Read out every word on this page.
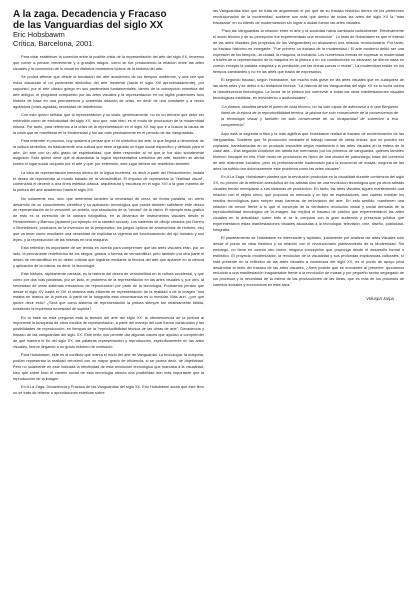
A la zaga. Decadencia y Fracaso
de las Vanguardias del siglo XX
Eric Hobsbawm
Crítica. Barcelona, 2001.

Para cidar establecer la conexión entre la posible crisis de la representación del arte del siglo XX, tenemos que volver a pensar, brevemente y a grandes rasgos, cómo se fue produciendo la relación entre las artes visuales y la concreción de lo visual en distintos momentos típicos de la historia del arte.

Se podría afirmar que desde la fundación del arte académico de los tiempos modernos, y una vez que éstos clausuran el rol puramente simbólico del arte medieval (hacia el siglo XIII aproximadamente), por supuesto, por el arte clásico griego en sus parámetros fundamentales, dentro de la concepción mimética del arte antiguo, el programa compuesto por las artes visuales y la representación en los siglos posteriores tuvo historia de base en una permanencia y sostenida relación de crisis, en decir de una constante y a veces agotadora (crisis agotada) necesidad de redefinición.

Con esto quiero señalar que la representación y su crisis, genéricamente, no es un término que debe ser entendido como de exclusividad del siglo XX, sino que, más bien, es el modo de producción de la modernidad misma. Por tanto, para referirnos a la crisis de la representación en el siglo XX hay que ir a buscar la causa de la crisis que se manifiesta en la Modernidad y fue así más precisamente en el período de las Vanguardias.

Para entender el proceso, hoy quisiera a pensar que el rol simbólico del arte, lo que llegará a denominar de la cultura simbólica, es básicamente una cultura que tiene originado un lugar social específico y definido para el arte. Un arte con un alto grado de espiritualidad, que debe responder al rol que le fue sido socialmente asignado. Esto quiere decir que al abandonar la lógica representativa simbólica del arte, también se abrirá contra el lugar social ocupado por el arte y que, por extensión, este lugar deberá ser redefinido también.

La idea de representación inmersa dentro de la lógica moderna, es decir a partir del Renacimiento, instala el deseo de representar al mundo basado en la verosimilitud. El impulso de representar la "realidad visual", comenzará el devenir a una línea estética clásica, arquitectura y escultura en el siglo XVI a la gran manera de la pintura del arte académico hasta el siglo XIX.

No solamente eso, sino que determina también la necesidad de crear, de forma paralela, un cierto desarrollo de un conocimiento científico y su aplicación tecnológica que pueda también satisfacer este deseo de representación de lo verosímil: un anhelo, una simulación de la "verdad" de la visión. El ejemplo más gráfico de esto es la invención de la cámara fotográfica, en la dinámica de instrumentos visuales desde el Renacimiento y Barroco (aparece por ejemplo en la cámara oscura). Los sistemas de dibujo creados por Durero o Brunelleschi, productos de la invención de la perspectiva, los juegos ópticos de anamorfosis de Holbein, etc) que va tener como resultante una necesidad de explicitar la vigencia del funcionamiento del ojo humano y sus leyes, y la reproducción de las mismas en una máquina.

Esta reflexión es importante de ser tenida en cuenta para comprender que las artes visuales eran, por un lado, la permanente redefinición de los rangos, grados o formas de verosimilitud, pero también por otra parte el deseo de verosimilitud en un deber cultural que lograrse mediante la técnica del arte que aparece en la ciencia y aplicación de la misma, es decir, la tecnología.

Esta historia, rápidamente narrada, es la historia del deseo de verosimilitud en la cultura occidental, y que como por dos vías paralelas, por un lado, el problema de la representación en las artes visuales y, por otro, la necesidad de crear sistemas mecánicos de reproducción por parte de la tecnología. Podríamos pensar que desde el siglo XV hasta el XIX el sistema más eficiente de representación de la realidad o de la imagen "nos estaba en manos de la pintura. A partir de la fotografía esta circunstancia es lo medular. Más aún, ¿por qué quiere decir esto? ¿Será que como sistema de representación la pintura siempre fue relativamente fallida, existiendo la imperiosa necesidad de suplirla?

En la base de esta pregunta está la tensión del arte del siglo XX: la obsolescencia de la pintura al imponerse la búsqueda de otros medios de representación, a partir del manejo del cual fueron construidos y las posibilidades de reproducción, en tiempos de la "reproductibilidad técnica de las obras de arte". Decadencia y fracaso de las vanguardias del siglo XX. Este texto nos permite dar algunas claves que ayudan a comprender de qué manera el fin del siglo XX, las palabras representación y reproducción, específicamente en las artes visuales, fueron llegando a un grado máximo de confusión.

Para Hobsbawm, este es el conflicto que marca el inicio del arte de Vanguardia. La tecnología, la máquina, podían representar la realidad verosímil con un mayor grado de eficiencia, si se podría decir, de objetividad. Pero no solamente en este indicada la efectividad de esta revolución tecnológica que marcaba a la visualidad, sino que sobre todo el cambio social de esta tecnología ofrecía una posibilidad aún más importante que la reproducción de la imagen.

En A La Zaga- Decadencia y Fracaso de las Vanguardias del siglo XX, Eric Hobsbawm acota que este libro no se trata de reiterar o apreciaciones estéticas sobre

las Vanguardias sino que se trata de argumentar el por qué de su fracaso histórico dentro de los preteriores revolucionarios de la modernidad, sostiene son más que dentro de todas las artes del siglo XX la "más fracasada" en su intento de modernización sin lograr a dudas fueron las artes visuales.

"Para las Vanguardias la relación entre el arte y la sociedad había cambiado radicalmente. Efectivamente el modo técnico y de su percepción fue experimentado una revolución". Lo tesis de Hobsbawm es que el intento de las artes Visuales (los proyectos de las Vanguardias) no alcanzaron una relación revolucionaria. Por tanto, su fracaso histórico es innegable: "Fue primero un fracaso de la modernidad / El arte moderno debió ser una expresión de los tiempos –la ciudad, la máquina, la industria. Los numerosos formas de expresar la modernidad a través de la representación de la máquina en la pintura o en los constructores no alcanzar, se dieron nada en común excepto la palabra máquina y la predicción por las líneas curvas o rectas". La modernidad reside en los tiempos cambiantes y no en las artes que tratan de expresarlos.

El segundo fracaso, según Hobsbawm, fue mucho más grave en las artes visuales que en cualquiera de las otras artes y se debió a su tentadora técnica: "La historia de las Vanguardias del siglo XX es la lucha contra la obsolescencia tecnológica. La lucha de la pintura por sobrevivir a todas las otras manifestaciones visuales tecnológicas estáticas, en movimiento o audiovisuales".

"La pintura, obsoleta desde el punto de vista técnico, no ha sido capaz de adecuarse a lo que Benjamin llamó de la época de la reproductibilidad técnica, la pintura fue solo consecuente de la consecuencia de la tecnología visual y también ha sido consecuente de su incapacidad de sobrevivir a esa competencia".

Aquí está la segunda crítica y la más ágil/fina que Hobsbawm realiza al fracaso de modernización de las Vanguardias. Sostiene que "la producción mediante el trabajo manual de obras únicas, que se pueden ser copiadas, transformadas en un producto imposible según mantenerlo a las artes visuales en la esfera de la clase alta... Esa segunda condición del artista fue mermando por los primeros de vanguardia, quienes también hicieron hincapié en ella. Este modo de producción es típico de una ciudad de patronazgo, base del comercio de arte realmente lucrativo, pero es profundamente inadecuado para la economía de masas; ninguna de las artes ha sufrido tan dolorosamente este problema como las artes visuales".

En A La Zaga, Hobsbawm plantea que la revolución producida en la visualidad durante comienzos del siglo XX, no provino de la reflexión anecdótica de los artistas sino de una revolución tecnológica que ya otros artistas visuales tenían reemplazar a sus sistemas de producción. En tanto, las artes visuales siguen manteniendo una relación con el objeto único, que proponía un mercado y un tipo de espectadores, aun cuando existían los medios tecnológicos para romper esas barreras de renovación del arte. En esto sentido, mantienen una relación de rencor frente a lo que el concepto de la verdadera revolución visual y social derivada de la reproductibilidad tecnológica de la imagen. Así explica el fracaso de público que experimentaron las artes visuales en la actualidad, sobre todo si se le compara con la gran audiencia y presencia pública que experimentaron estas manifestaciones visuales asociadas a la tecnología: televisión, cine, diseño, publicidad, fotografía.

El planteamiento de Hobsbawm es interesante y lapidario, justamente por analizar las artes visuales sólo desde el punto de vista histórico y su relación con el revolucionario planteamiento de la Modernidad. Sin embargo, no tiene en cuenta otro factor, ninguna concepción que proponga desde el desarrollo formal o estilístico. El proyecto modernizador, la revolución de la visualidad y sus profundas implicancias culturales, sí está presente en la reflexión de las artes visuales a comienzos del siglo XX, es el punto de apoyo para desarrollar la tesis del fracaso de las artes visuales, ¿Será posible que se encuentre al presente, quedamos reducida a una manifestación inaguantable frente a la revolución de masas y por pequeño sector segregado de los procesos y la necesidad de la esfera de las producciones de las ideas, que es más de los procesos de cambios sociales y económicos en esta área.

Voluspa Jarpa
